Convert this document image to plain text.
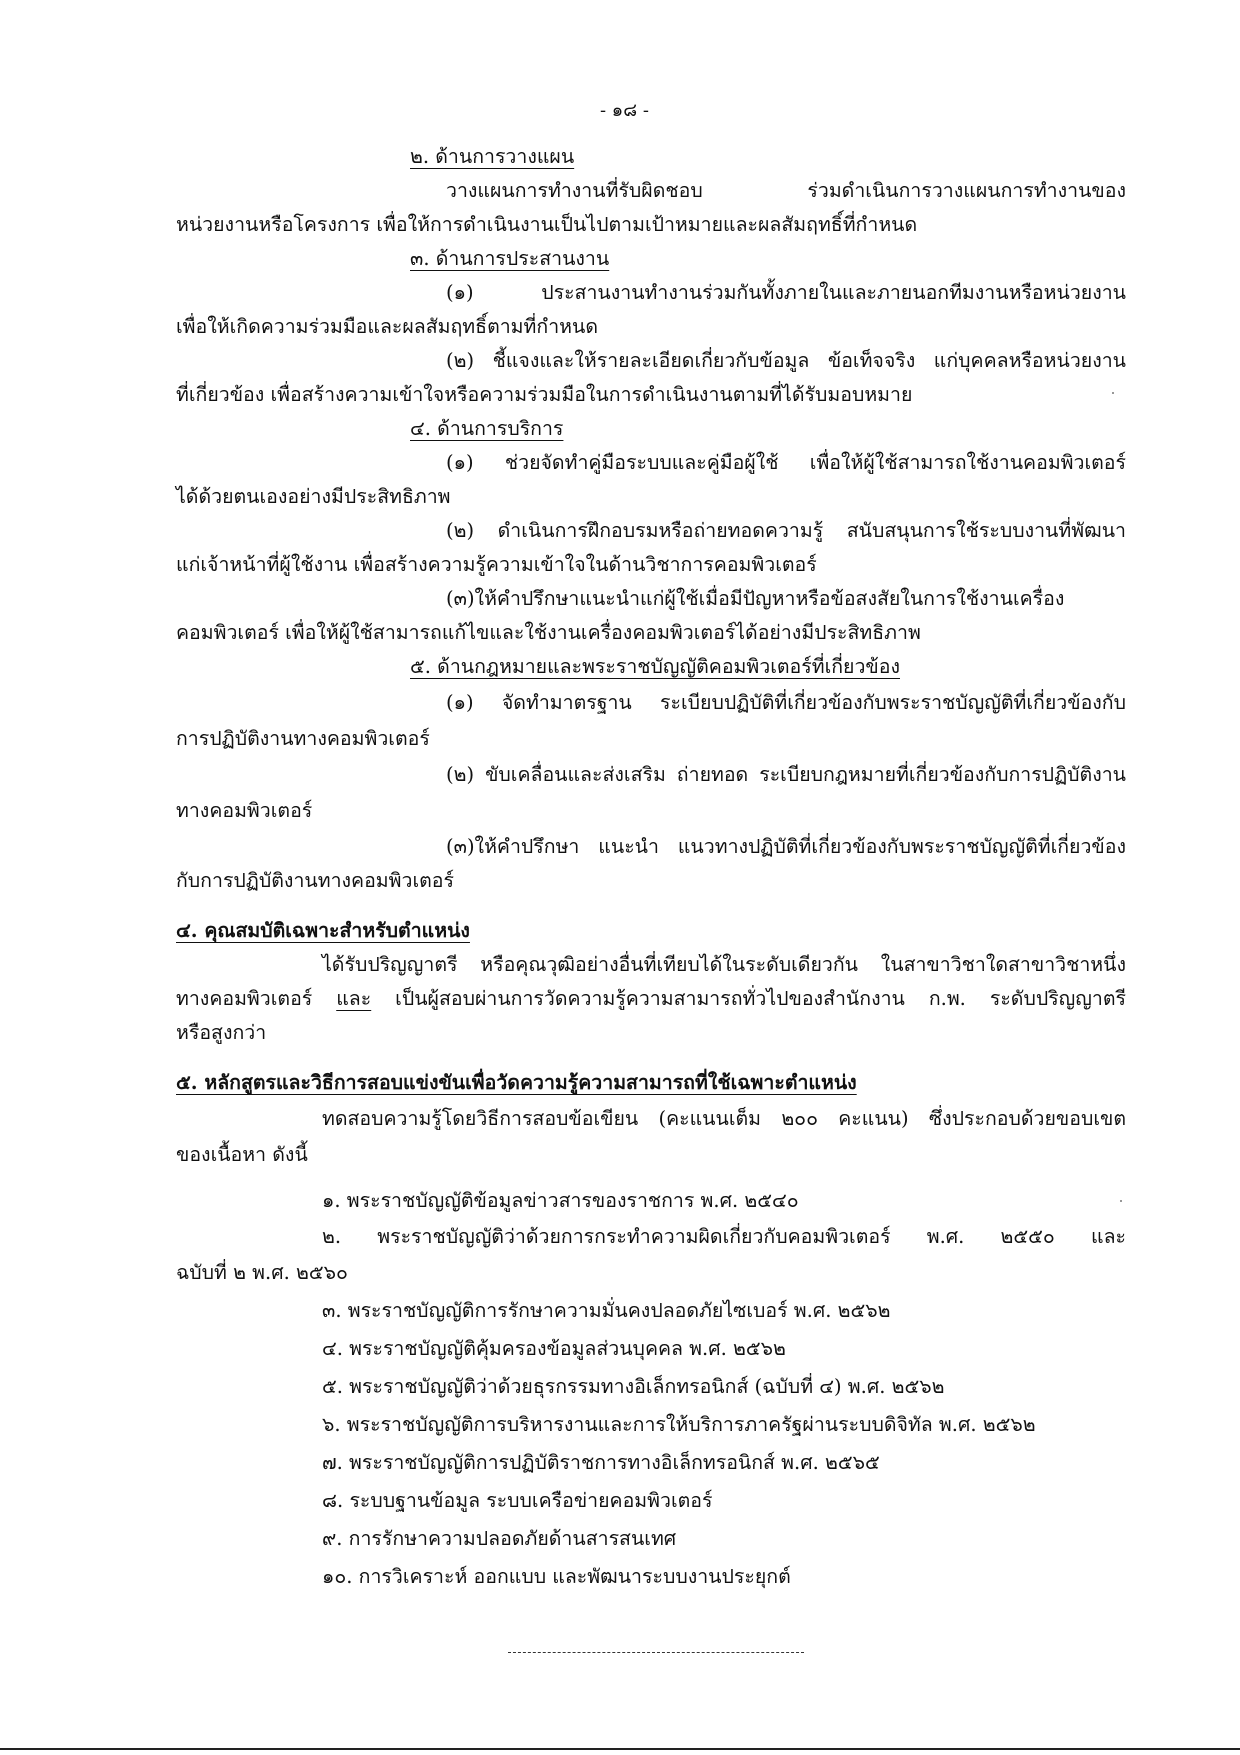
- ๑๘ -
๒. ด้านการวางแผน
วางแผนการทำงานที่รับผิดชอบ ร่วมดำเนินการวางแผนการทำงานของ
หน่วยงานหรือโครงการ เพื่อให้การดำเนินงานเป็นไปตามเป้าหมายและผลสัมฤทธิ์ที่กำหนด
๓. ด้านการประสานงาน
(๑) ประสานงานทำงานร่วมกันทั้งภายในและภายนอกทีมงานหรือหน่วยงาน
เพื่อให้เกิดความร่วมมือและผลสัมฤทธิ์ตามที่กำหนด
(๒) ชี้แจงและให้รายละเอียดเกี่ยวกับข้อมูล ข้อเท็จจริง แก่บุคคลหรือหน่วยงาน
ที่เกี่ยวข้อง เพื่อสร้างความเข้าใจหรือความร่วมมือในการดำเนินงานตามที่ได้รับมอบหมาย
๔. ด้านการบริการ
(๑) ช่วยจัดทำคู่มือระบบและคู่มือผู้ใช้ เพื่อให้ผู้ใช้สามารถใช้งานคอมพิวเตอร์
ได้ด้วยตนเองอย่างมีประสิทธิภาพ
(๒) ดำเนินการฝึกอบรมหรือถ่ายทอดความรู้ สนับสนุนการใช้ระบบงานที่พัฒนา
แก่เจ้าหน้าที่ผู้ใช้งาน เพื่อสร้างความรู้ความเข้าใจในด้านวิชาการคอมพิวเตอร์
(๓)ให้คำปรึกษาแนะนำแก่ผู้ใช้เมื่อมีปัญหาหรือข้อสงสัยในการใช้งานเครื่อง
คอมพิวเตอร์ เพื่อให้ผู้ใช้สามารถแก้ไขและใช้งานเครื่องคอมพิวเตอร์ได้อย่างมีประสิทธิภาพ
๕. ด้านกฎหมายและพระราชบัญญัติคอมพิวเตอร์ที่เกี่ยวข้อง
(๑) จัดทำมาตรฐาน ระเบียบปฏิบัติที่เกี่ยวข้องกับพระราชบัญญัติที่เกี่ยวข้องกับ
การปฏิบัติงานทางคอมพิวเตอร์
(๒) ขับเคลื่อนและส่งเสริม ถ่ายทอด ระเบียบกฎหมายที่เกี่ยวข้องกับการปฏิบัติงาน
ทางคอมพิวเตอร์
(๓)ให้คำปรึกษา แนะนำ แนวทางปฏิบัติที่เกี่ยวข้องกับพระราชบัญญัติที่เกี่ยวข้อง
กับการปฏิบัติงานทางคอมพิวเตอร์
๔. คุณสมบัติเฉพาะสำหรับตำแหน่ง
ได้รับปริญญาตรี หรือคุณวุฒิอย่างอื่นที่เทียบได้ในระดับเดียวกัน ในสาขาวิชาใดสาขาวิชาหนึ่ง
ทางคอมพิวเตอร์ และ เป็นผู้สอบผ่านการวัดความรู้ความสามารถทั่วไปของสำนักงาน ก.พ. ระดับปริญญาตรี
หรือสูงกว่า
๕. หลักสูตรและวิธีการสอบแข่งขันเพื่อวัดความรู้ความสามารถที่ใช้เฉพาะตำแหน่ง
ทดสอบความรู้โดยวิธีการสอบข้อเขียน (คะแนนเต็ม ๒๐๐ คะแนน) ซึ่งประกอบด้วยขอบเขต
ของเนื้อหา ดังนี้
๑. พระราชบัญญัติข้อมูลข่าวสารของราชการ พ.ศ. ๒๕๔๐
๒. พระราชบัญญัติว่าด้วยการกระทำความผิดเกี่ยวกับคอมพิวเตอร์ พ.ศ. ๒๕๕๐ และ
ฉบับที่ ๒ พ.ศ. ๒๕๖๐
๓. พระราชบัญญัติการรักษาความมั่นคงปลอดภัยไซเบอร์ พ.ศ. ๒๕๖๒
๔. พระราชบัญญัติคุ้มครองข้อมูลส่วนบุคคล พ.ศ. ๒๕๖๒
๕. พระราชบัญญัติว่าด้วยธุรกรรมทางอิเล็กทรอนิกส์ (ฉบับที่ ๔) พ.ศ. ๒๕๖๒
๖. พระราชบัญญัติการบริหารงานและการให้บริการภาครัฐผ่านระบบดิจิทัล พ.ศ. ๒๕๖๒
๗. พระราชบัญญัติการปฏิบัติราชการทางอิเล็กทรอนิกส์ พ.ศ. ๒๕๖๕
๘. ระบบฐานข้อมูล ระบบเครือข่ายคอมพิวเตอร์
๙. การรักษาความปลอดภัยด้านสารสนเทศ
๑๐. การวิเคราะห์ ออกแบบ และพัฒนาระบบงานประยุกต์
